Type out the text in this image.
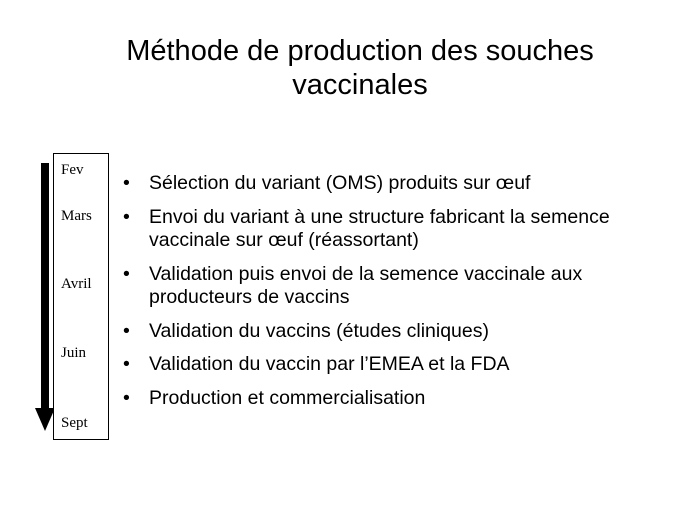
Méthode de production des souches
vaccinales
Fev
Mars
Avril
Juin
Sept
• Sélection du variant (OMS) produits sur œuf
• Envoi du variant à une structure fabricant la semence vaccinale sur œuf (réassortant)
• Validation puis envoi de la semence vaccinale aux producteurs de vaccins
• Validation du vaccins (études cliniques)
• Validation du vaccin par l’EMEA et la FDA
• Production et commercialisation
